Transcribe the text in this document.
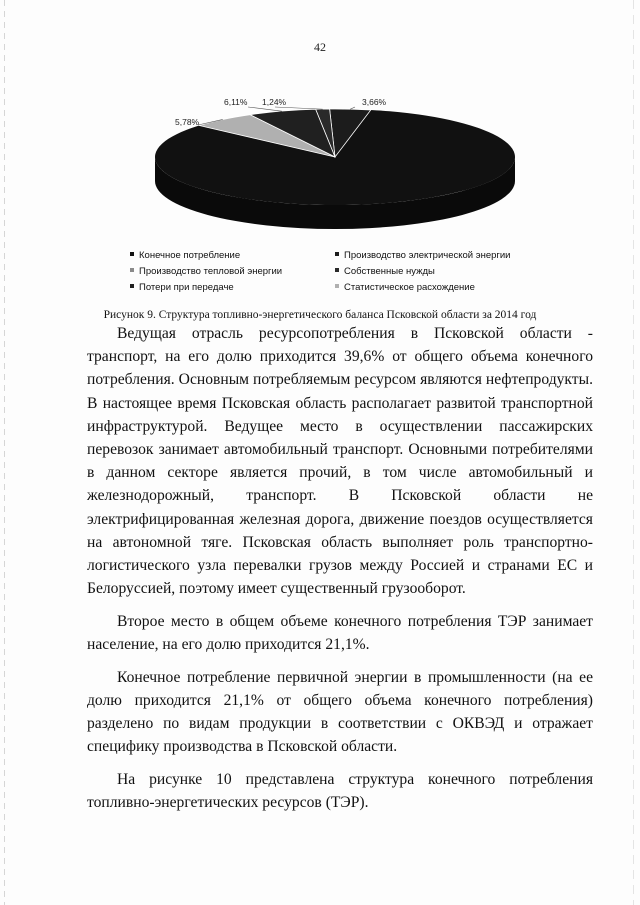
42
3,66%
1,24%
6,11%
5,78%
Конечное потребление	Производство электрической энергии
Производство тепловой энергии	Собственные нужды
Потери при передаче	Статистическое расхождение
Рисунок 9. Структура топливно-энергетического баланса Псковской области за 2014 год

Ведущая отрасль ресурсопотребления в Псковской области - транспорт, на его долю приходится 39,6% от общего объема конечного потребления. Основным потребляемым ресурсом являются нефтепродукты. В настоящее время Псковская область располагает развитой транспортной инфраструктурой. Ведущее место в осуществлении пассажирских перевозок занимает автомобильный транспорт. Основными потребителями в данном секторе является прочий, в том числе автомобильный и железнодорожный, транспорт. В Псковской области не электрифицированная железная дорога, движение поездов осуществляется на автономной тяге. Псковская область выполняет роль транспортно-логистического узла перевалки грузов между Россией и странами ЕС и Белоруссией, поэтому имеет существенный грузооборот.

Второе место в общем объеме конечного потребления ТЭР занимает население, на его долю приходится 21,1%.

Конечное потребление первичной энергии в промышленности (на ее долю приходится 21,1% от общего объема конечного потребления) разделено по видам продукции в соответствии с ОКВЭД и отражает специфику производства в Псковской области.

На рисунке 10 представлена структура конечного потребления топливно-энергетических ресурсов (ТЭР).
